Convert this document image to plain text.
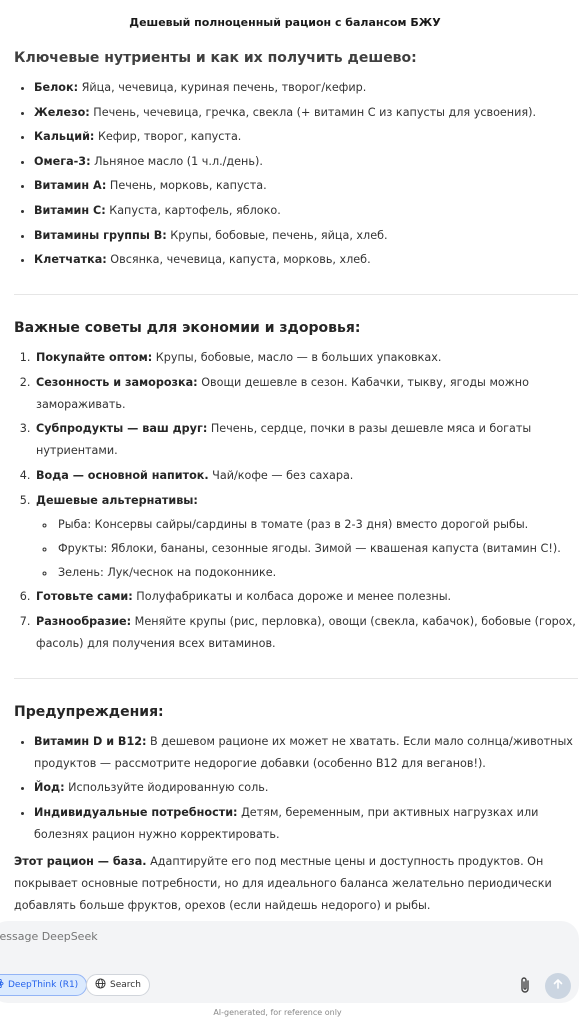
Дешевый полноценный рацион с балансом БЖУ
Ключевые нутриенты и как их получить дешево:
• Белок: Яйца, чечевица, куриная печень, творог/кефир.
• Железо: Печень, чечевица, гречка, свекла (+ витамин C из капусты для усвоения).
• Кальций: Кефир, творог, капуста.
• Омега-3: Льняное масло (1 ч.л./день).
• Витамин A: Печень, морковь, капуста.
• Витамин C: Капуста, картофель, яблоко.
• Витамины группы B: Крупы, бобовые, печень, яйца, хлеб.
• Клетчатка: Овсянка, чечевица, капуста, морковь, хлеб.
Важные советы для экономии и здоровья:
1. Покупайте оптом: Крупы, бобовые, масло — в больших упаковках.
2. Сезонность и заморозка: Овощи дешевле в сезон. Кабачки, тыкву, ягоды можно замораживать.
3. Субпродукты — ваш друг: Печень, сердце, почки в разы дешевле мяса и богаты нутриентами.
4. Вода — основной напиток. Чай/кофе — без сахара.
5. Дешевые альтернативы:
◦ Рыба: Консервы сайры/сардины в томате (раз в 2-3 дня) вместо дорогой рыбы.
◦ Фрукты: Яблоки, бананы, сезонные ягоды. Зимой — квашеная капуста (витамин C!).
◦ Зелень: Лук/чеснок на подоконнике.
6. Готовьте сами: Полуфабрикаты и колбаса дороже и менее полезны.
7. Разнообразие: Меняйте крупы (рис, перловка), овощи (свекла, кабачок), бобовые (горох, фасоль) для получения всех витаминов.
Предупреждения:
• Витамин D и B12: В дешевом рационе их может не хватать. Если мало солнца/животных продуктов — рассмотрите недорогие добавки (особенно B12 для веганов!).
• Йод: Используйте йодированную соль.
• Индивидуальные потребности: Детям, беременным, при активных нагрузках или болезнях рацион нужно корректировать.

Этот рацион — база. Адаптируйте его под местные цены и доступность продуктов. Он покрывает основные потребности, но для идеального баланса желательно периодически добавлять больше фруктов, орехов (если найдешь недорого) и рыбы.

Message DeepSeek
DeepThink (R1)	Search
AI-generated, for reference only
